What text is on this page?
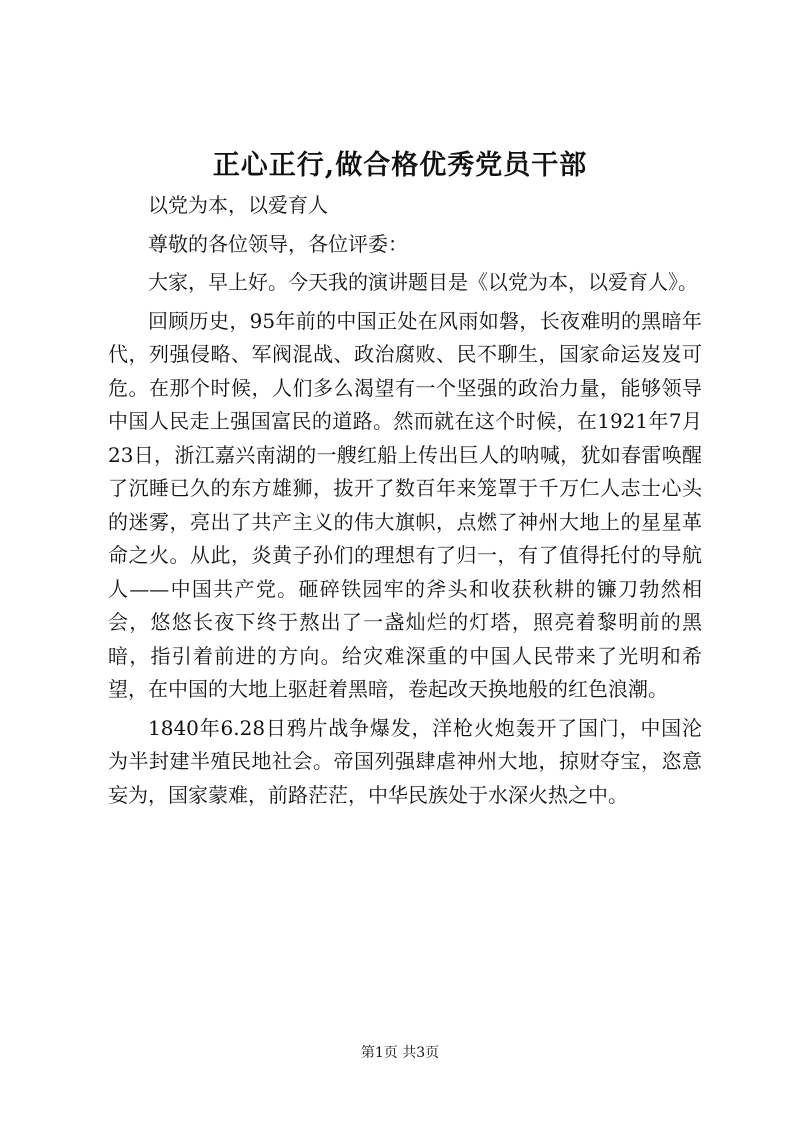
正心正行,做合格优秀党员干部

以党为本，以爱育人

尊敬的各位领导，各位评委：

大家，早上好。今天我的演讲题目是《以党为本，以爱育人》。

回顾历史，95年前的中国正处在风雨如磐，长夜难明的黑暗年代，列强侵略、军阀混战、政治腐败、民不聊生，国家命运岌岌可危。在那个时候，人们多么渴望有一个坚强的政治力量，能够领导中国人民走上强国富民的道路。然而就在这个时候，在1921年7月23日，浙江嘉兴南湖的一艘红船上传出巨人的呐喊，犹如春雷唤醒了沉睡已久的东方雄狮，拔开了数百年来笼罩于千万仁人志士心头的迷雾，亮出了共产主义的伟大旗帜，点燃了神州大地上的星星革命之火。从此，炎黄子孙们的理想有了归一，有了值得托付的导航人——中国共产党。砸碎铁园牢的斧头和收获秋耕的镰刀勃然相会，悠悠长夜下终于熬出了一盏灿烂的灯塔，照亮着黎明前的黑暗，指引着前进的方向。给灾难深重的中国人民带来了光明和希望，在中国的大地上驱赶着黑暗，卷起改天换地般的红色浪潮。

1840年6.28日鸦片战争爆发，洋枪火炮轰开了国门，中国沦为半封建半殖民地社会。帝国列强肆虐神州大地，掠财夺宝，恣意妄为，国家蒙难，前路茫茫，中华民族处于水深火热之中。

第1页 共3页
